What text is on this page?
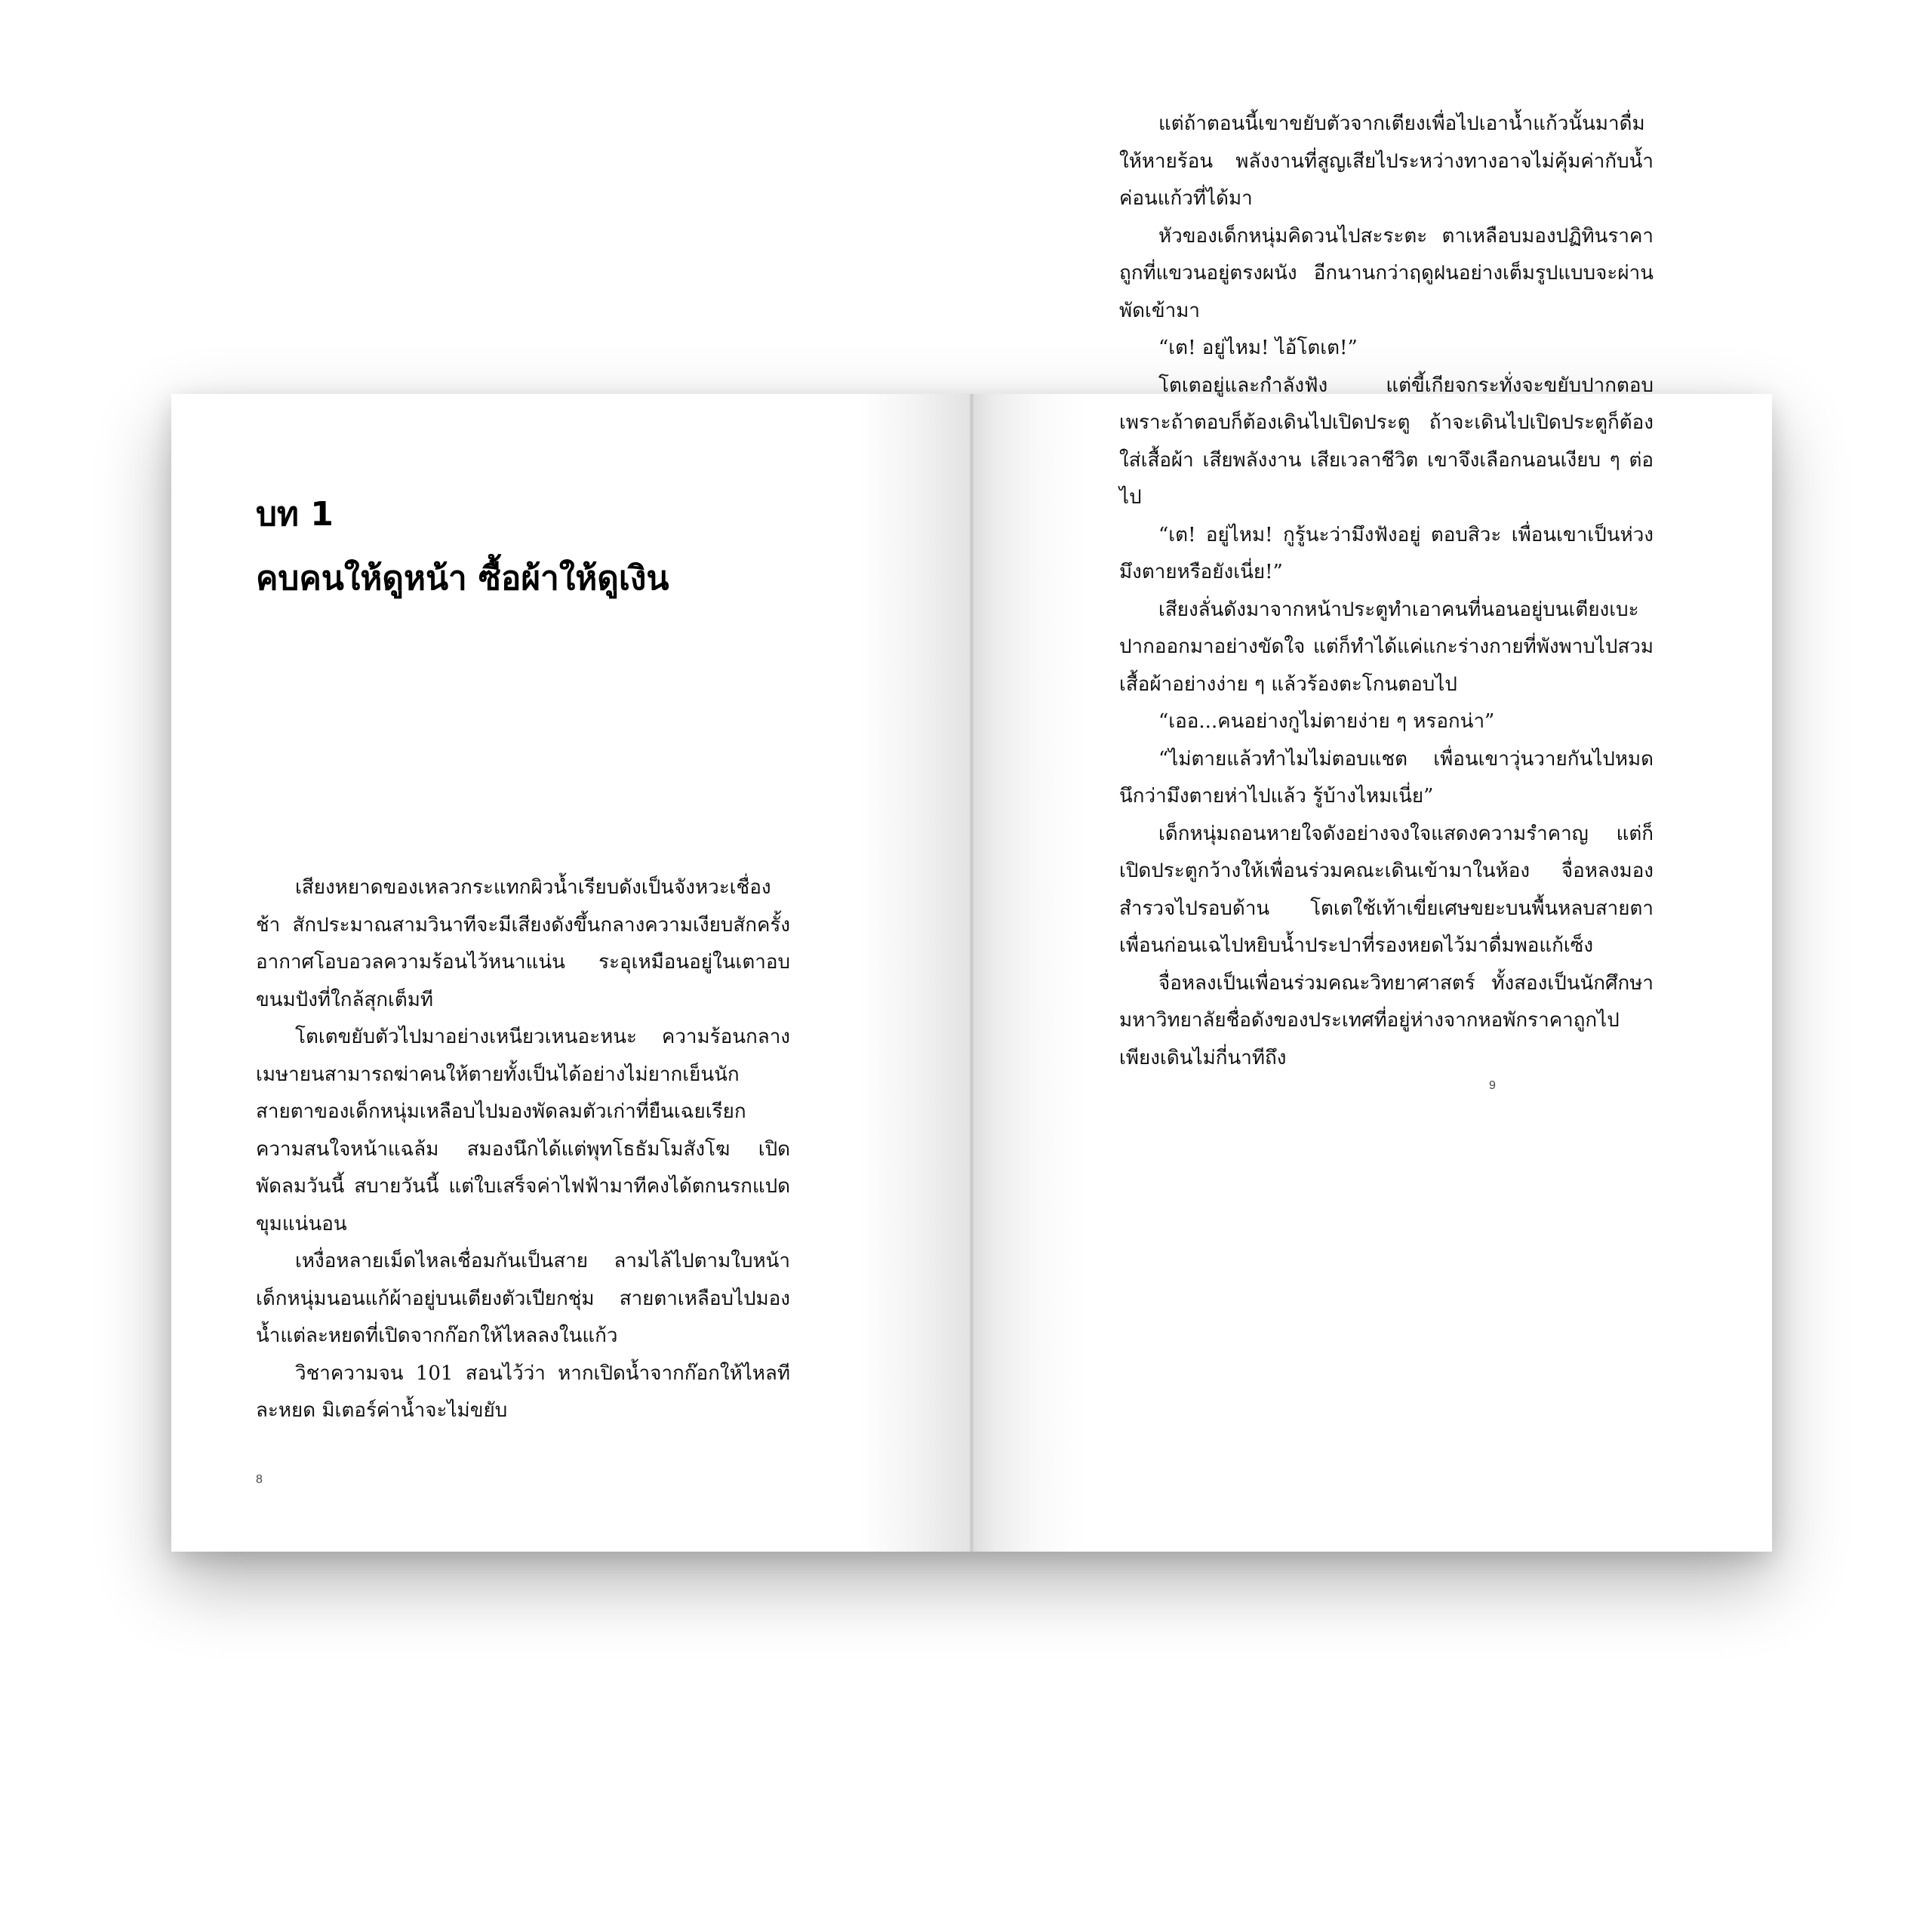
บท 1
คบคนให้ดูหน้า ซื้อผ้าให้ดูเงิน

เสียงหยาดของเหลวกระแทกผิวน้ำเรียบดังเป็นจังหวะเชื่องช้า สักประมาณสามวินาทีจะมีเสียงดังขึ้นกลางความเงียบสักครั้ง อากาศโอบอวลความร้อนไว้หนาแน่น ระอุเหมือนอยู่ในเตาอบขนมปังที่ใกล้สุกเต็มที

โตเตขยับตัวไปมาอย่างเหนียวเหนอะหนะ ความร้อนกลางเมษายนสามารถฆ่าคนให้ตายทั้งเป็นได้อย่างไม่ยากเย็นนัก สายตาของเด็กหนุ่มเหลือบไปมองพัดลมตัวเก่าที่ยืนเฉยเรียกความสนใจหน้าแฉล้ม สมองนึกได้แต่พุทโธธัมโมสังโฆ เปิดพัดลมวันนี้ สบายวันนี้ แต่ใบเสร็จค่าไฟฟ้ามาทีคงได้ตกนรกแปดขุมแน่นอน

เหงื่อหลายเม็ดไหลเชื่อมกันเป็นสาย ลามไล้ไปตามใบหน้าเด็กหนุ่มนอนแก้ผ้าอยู่บนเตียงตัวเปียกชุ่ม สายตาเหลือบไปมองน้ำแต่ละหยดที่เปิดจากก๊อกให้ไหลลงในแก้ว

วิชาความจน 101 สอนไว้ว่า หากเปิดน้ำจากก๊อกให้ไหลทีละหยด มิเตอร์ค่าน้ำจะไม่ขยับ

8

แต่ถ้าตอนนี้เขาขยับตัวจากเตียงเพื่อไปเอาน้ำแก้วนั้นมาดื่มให้หายร้อน พลังงานที่สูญเสียไประหว่างทางอาจไม่คุ้มค่ากับน้ำค่อนแก้วที่ได้มา

หัวของเด็กหนุ่มคิดวนไปสะระตะ ตาเหลือบมองปฏิทินราคาถูกที่แขวนอยู่ตรงผนัง อีกนานกว่าฤดูฝนอย่างเต็มรูปแบบจะผ่านพัดเข้ามา

“เต! อยู่ไหม! ไอ้โตเต!”

โตเตอยู่และกำลังฟัง แต่ขี้เกียจกระทั่งจะขยับปากตอบ เพราะถ้าตอบก็ต้องเดินไปเปิดประตู ถ้าจะเดินไปเปิดประตูก็ต้องใส่เสื้อผ้า เสียพลังงาน เสียเวลาชีวิต เขาจึงเลือกนอนเงียบ ๆ ต่อไป

“เต! อยู่ไหม! กูรู้นะว่ามึงฟังอยู่ ตอบสิวะ เพื่อนเขาเป็นห่วงมึงตายหรือยังเนี่ย!”

เสียงลั่นดังมาจากหน้าประตูทำเอาคนที่นอนอยู่บนเตียงเบะปากออกมาอย่างขัดใจ แต่ก็ทำได้แค่แกะร่างกายที่พังพาบไปสวมเสื้อผ้าอย่างง่าย ๆ แล้วร้องตะโกนตอบไป

“เออ...คนอย่างกูไม่ตายง่าย ๆ หรอกน่า”

“ไม่ตายแล้วทำไมไม่ตอบแชต เพื่อนเขาวุ่นวายกันไปหมดนึกว่ามึงตายห่าไปแล้ว รู้บ้างไหมเนี่ย”

เด็กหนุ่มถอนหายใจดังอย่างจงใจแสดงความรำคาญ แต่ก็เปิดประตูกว้างให้เพื่อนร่วมคณะเดินเข้ามาในห้อง จื่อหลงมองสำรวจไปรอบด้าน โตเตใช้เท้าเขี่ยเศษขยะบนพื้นหลบสายตาเพื่อนก่อนเฉไปหยิบน้ำประปาที่รองหยดไว้มาดื่มพอแก้เซ็ง

จื่อหลงเป็นเพื่อนร่วมคณะวิทยาศาสตร์ ทั้งสองเป็นนักศึกษามหาวิทยาลัยชื่อดังของประเทศที่อยู่ห่างจากหอพักราคาถูกไปเพียงเดินไม่กี่นาทีถึง

9
